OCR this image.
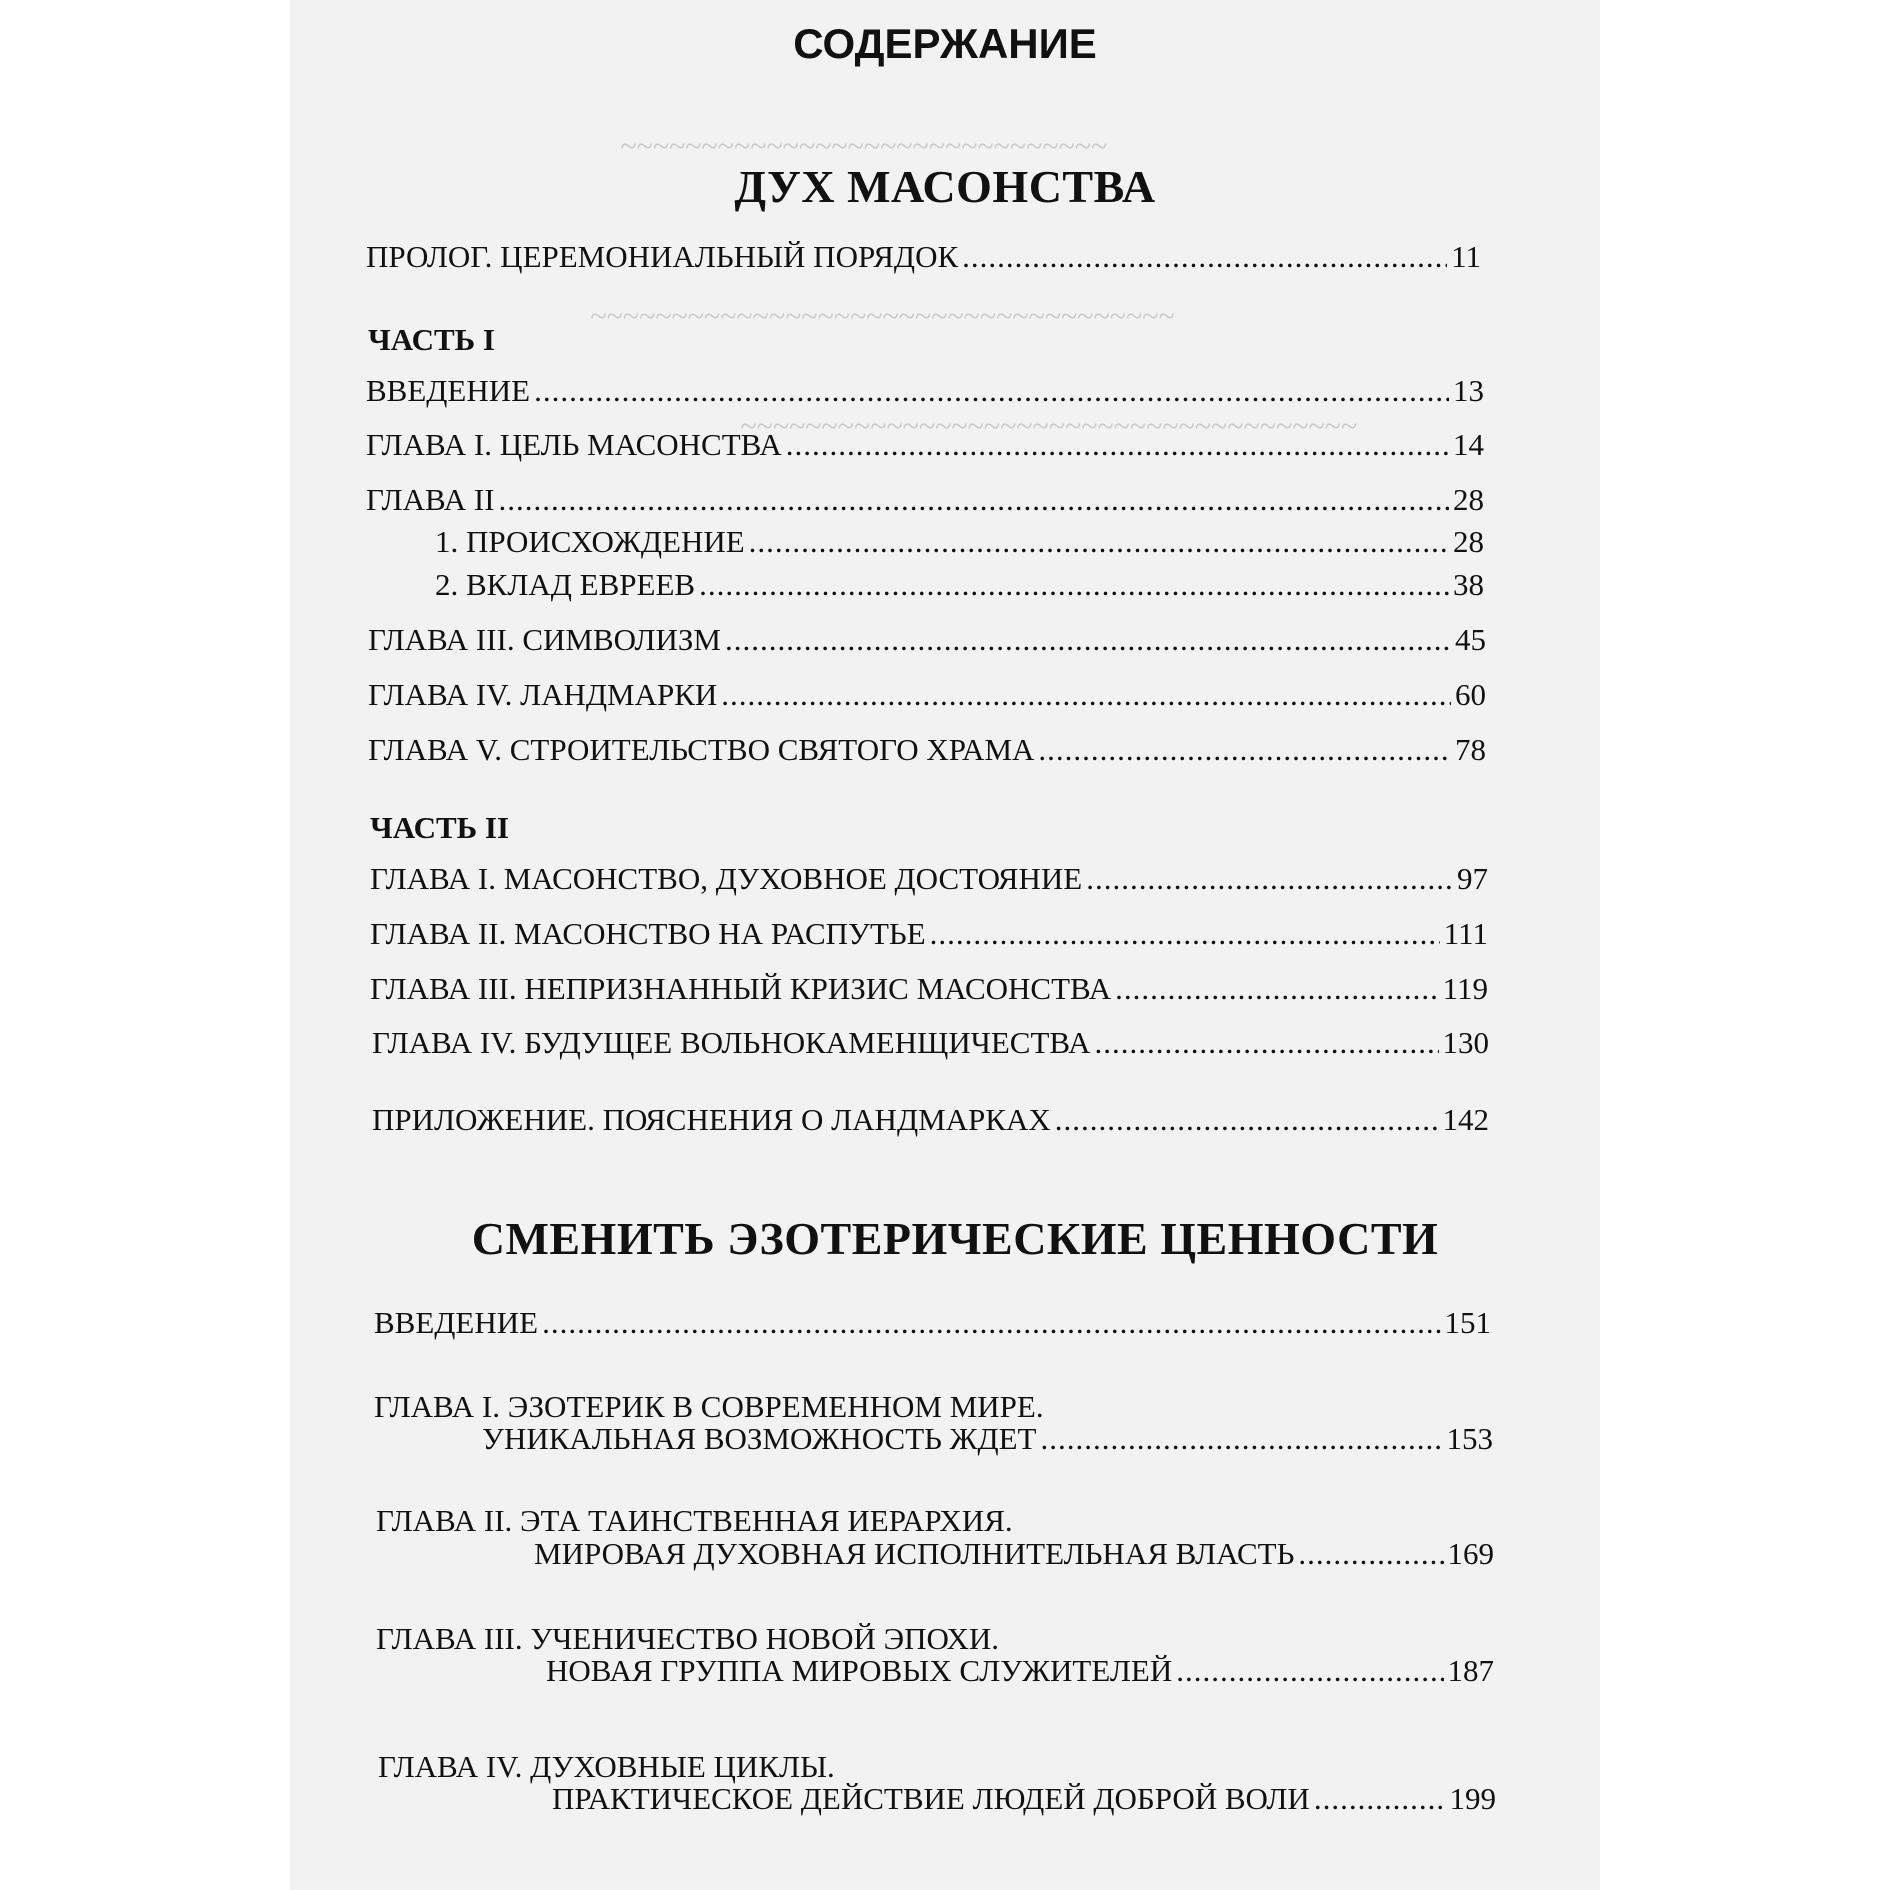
~~~~~~~~~~~~~~~~~~~~~~~~~~~~~~
~~~~~~~~~~~~~~~~~~~~~~~~~~~~~~~~~~~~
~~~~~~~~~~~~~~~~~~~~~~~~~~~~~~~~~~~~~~
СОДЕРЖАНИЕ
ДУХ МАСОНСТВА
ПРОЛОГ. ЦЕРЕМОНИАЛЬНЫЙ ПОРЯДОК .....	11
ЧАСТЬ I
ВВЕДЕНИЕ .....	13
ГЛАВА I. ЦЕЛЬ МАСОНСТВА .....	14
ГЛАВА II .....	28
1. ПРОИСХОЖДЕНИЕ .....	28
2. ВКЛАД ЕВРЕЕВ .....	38
ГЛАВА III. СИМВОЛИЗМ .....	45
ГЛАВА IV. ЛАНДМАРКИ .....	60
ГЛАВА V. СТРОИТЕЛЬСТВО СВЯТОГО ХРАМА .....	78
ЧАСТЬ II
ГЛАВА I. МАСОНСТВО, ДУХОВНОЕ ДОСТОЯНИЕ .....	97
ГЛАВА II. МАСОНСТВО НА РАСПУТЬЕ .....	111
ГЛАВА III. НЕПРИЗНАННЫЙ КРИЗИС МАСОНСТВА .....	119
ГЛАВА IV. БУДУЩЕЕ ВОЛЬНОКАМЕНЩИЧЕСТВА .....	130
ПРИЛОЖЕНИЕ. ПОЯСНЕНИЯ О ЛАНДМАРКАХ .....	142
СМЕНИТЬ ЭЗОТЕРИЧЕСКИЕ ЦЕННОСТИ
ВВЕДЕНИЕ .....	151
ГЛАВА I. ЭЗОТЕРИК В СОВРЕМЕННОМ МИРЕ.
УНИКАЛЬНАЯ ВОЗМОЖНОСТЬ ЖДЕТ .....	153
ГЛАВА II. ЭТА ТАИНСТВЕННАЯ ИЕРАРХИЯ.
МИРОВАЯ ДУХОВНАЯ ИСПОЛНИТЕЛЬНАЯ ВЛАСТЬ .....	169
ГЛАВА III. УЧЕНИЧЕСТВО НОВОЙ ЭПОХИ.
НОВАЯ ГРУППА МИРОВЫХ СЛУЖИТЕЛЕЙ .....	187
ГЛАВА IV. ДУХОВНЫЕ ЦИКЛЫ.
ПРАКТИЧЕСКОЕ ДЕЙСТВИЕ ЛЮДЕЙ ДОБРОЙ ВОЛИ .....	199
